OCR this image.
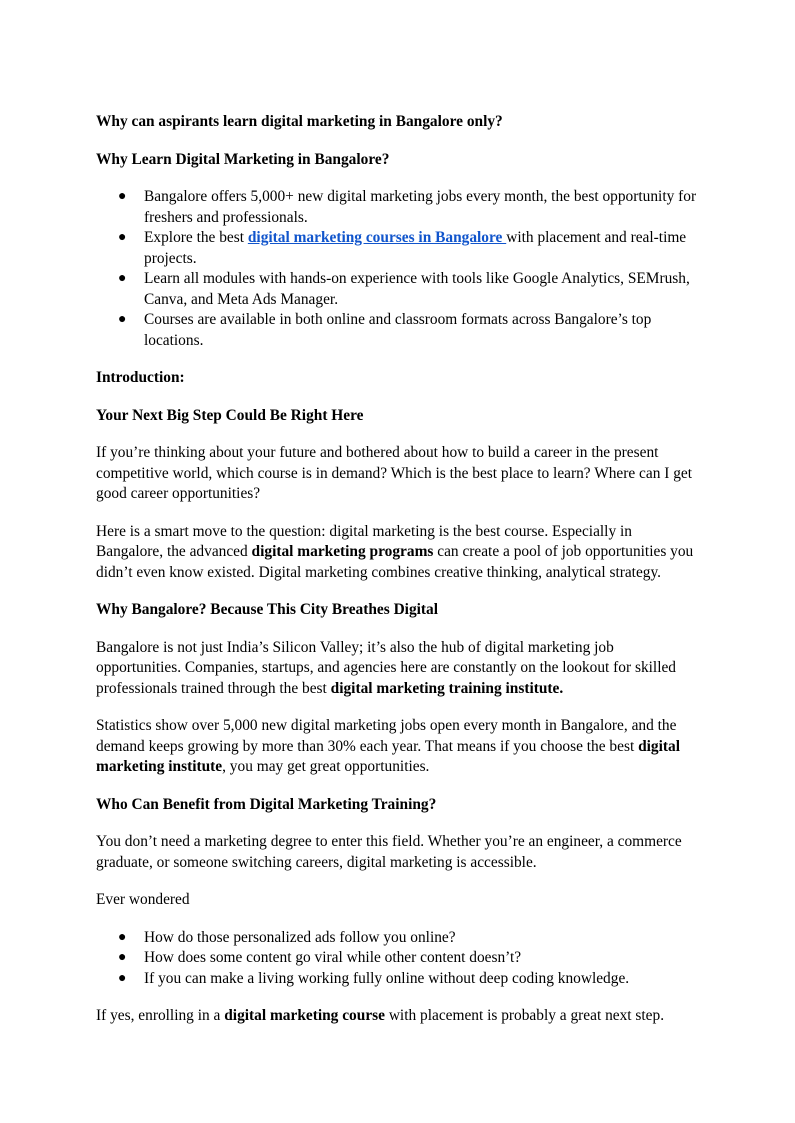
Why can aspirants learn digital marketing in Bangalore only?
Why Learn Digital Marketing in Bangalore?
● Bangalore offers 5,000+ new digital marketing jobs every month, the best opportunity for freshers and professionals.
● Explore the best digital marketing courses in Bangalore with placement and real-time projects.
● Learn all modules with hands-on experience with tools like Google Analytics, SEMrush, Canva, and Meta Ads Manager.
● Courses are available in both online and classroom formats across Bangalore’s top locations.
Introduction:
Your Next Big Step Could Be Right Here

If you’re thinking about your future and bothered about how to build a career in the present competitive world, which course is in demand? Which is the best place to learn? Where can I get good career opportunities?

Here is a smart move to the question: digital marketing is the best course. Especially in Bangalore, the advanced digital marketing programs can create a pool of job opportunities you didn’t even know existed. Digital marketing combines creative thinking, analytical strategy.

Why Bangalore? Because This City Breathes Digital

Bangalore is not just India’s Silicon Valley; it’s also the hub of digital marketing job opportunities. Companies, startups, and agencies here are constantly on the lookout for skilled professionals trained through the best digital marketing training institute.

Statistics show over 5,000 new digital marketing jobs open every month in Bangalore, and the demand keeps growing by more than 30% each year. That means if you choose the best digital marketing institute, you may get great opportunities.

Who Can Benefit from Digital Marketing Training?

You don’t need a marketing degree to enter this field. Whether you’re an engineer, a commerce graduate, or someone switching careers, digital marketing is accessible.

Ever wondered

● How do those personalized ads follow you online?
● How does some content go viral while other content doesn’t?
● If you can make a living working fully online without deep coding knowledge.

If yes, enrolling in a digital marketing course with placement is probably a great next step.
